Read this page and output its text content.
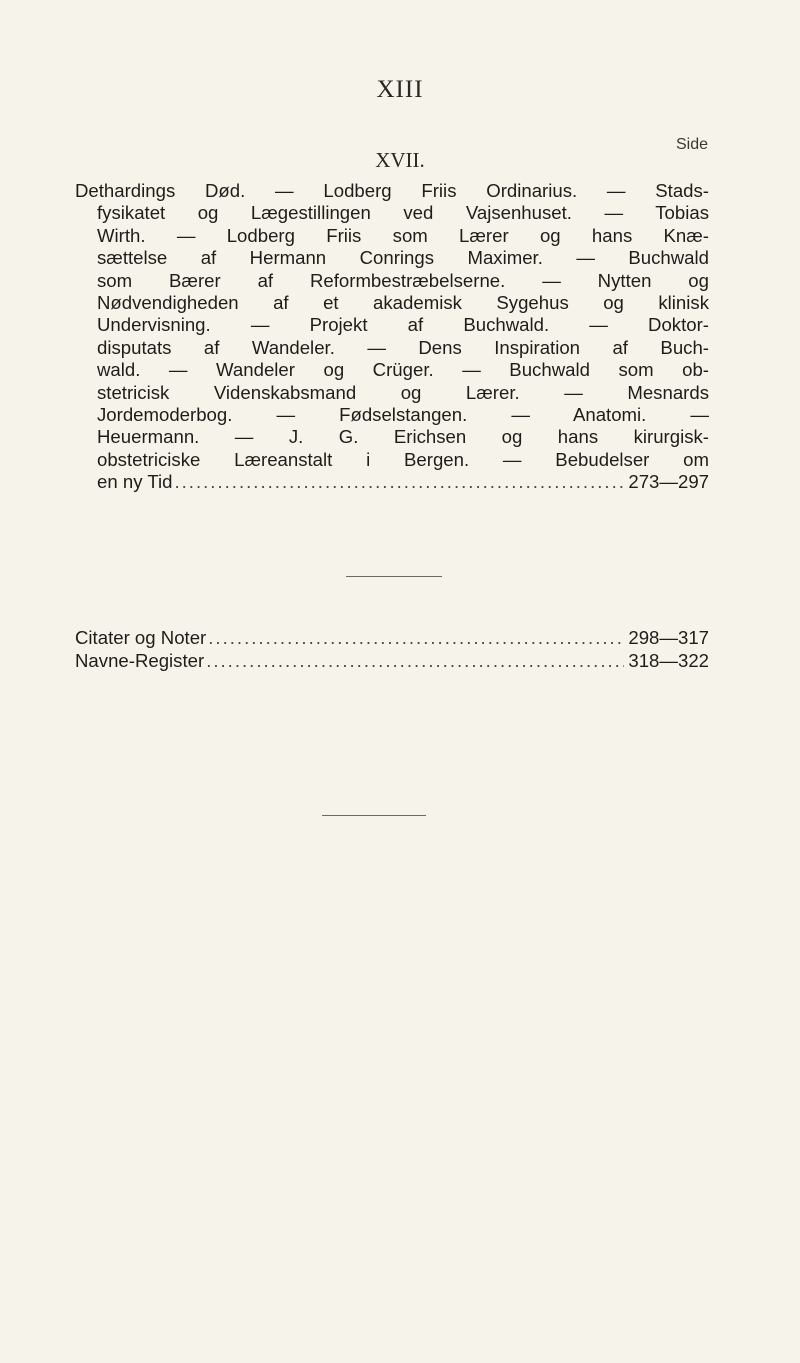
XIII
Side
XVII.
Dethardings Død. — Lodberg Friis Ordinarius. — Stads-
fysikatet og Lægestillingen ved Vajsenhuset. — Tobias
Wirth. — Lodberg Friis som Lærer og hans Knæ-
sættelse af Hermann Conrings Maximer. — Buchwald
som Bærer af Reformbestræbelserne. — Nytten og
Nødvendigheden af et akademisk Sygehus og klinisk
Undervisning. — Projekt af Buchwald. — Doktor-
disputats af Wandeler. — Dens Inspiration af Buch-
wald. — Wandeler og Crüger. — Buchwald som ob-
stetricisk Videnskabsmand og Lærer. — Mesnards
Jordemoderbog. — Fødselstangen. — Anatomi. —
Heuermann. — J. G. Erichsen og hans kirurgisk-
obstetriciske Læreanstalt i Bergen. — Bebudelser om
en ny Tid .....	273—297
Citater og Noter .....	298—317
Navne-Register .....	318—322
